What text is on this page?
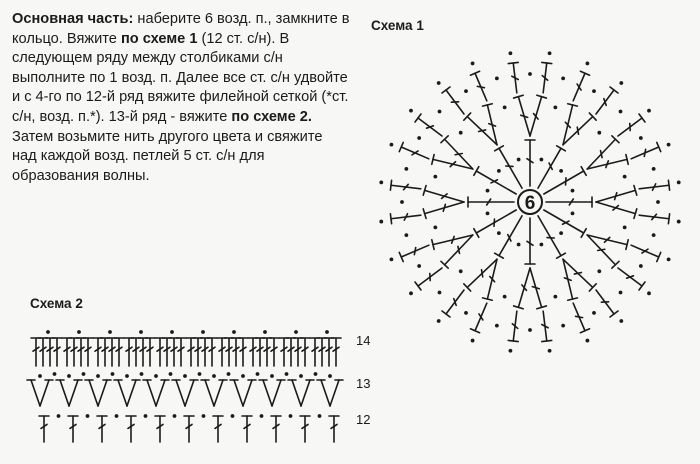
Основная часть: наберите 6 возд. п., замкните в кольцо. Вяжите по схеме 1 (12 ст. с/н). В следующем ряду между столбиками с/н выполните по 1 возд. п. Далее все ст. с/н удвойте и с 4-го по 12-й ряд вяжите филейной сеткой (*ст. с/н, возд. п.*). 13-й ряд - вяжите по схеме 2. Затем возьмите нить другого цвета и свяжите над каждой возд. петлей 5 ст. с/н для образования волны.

Схема 1
Схема 2
6
14
13
12
